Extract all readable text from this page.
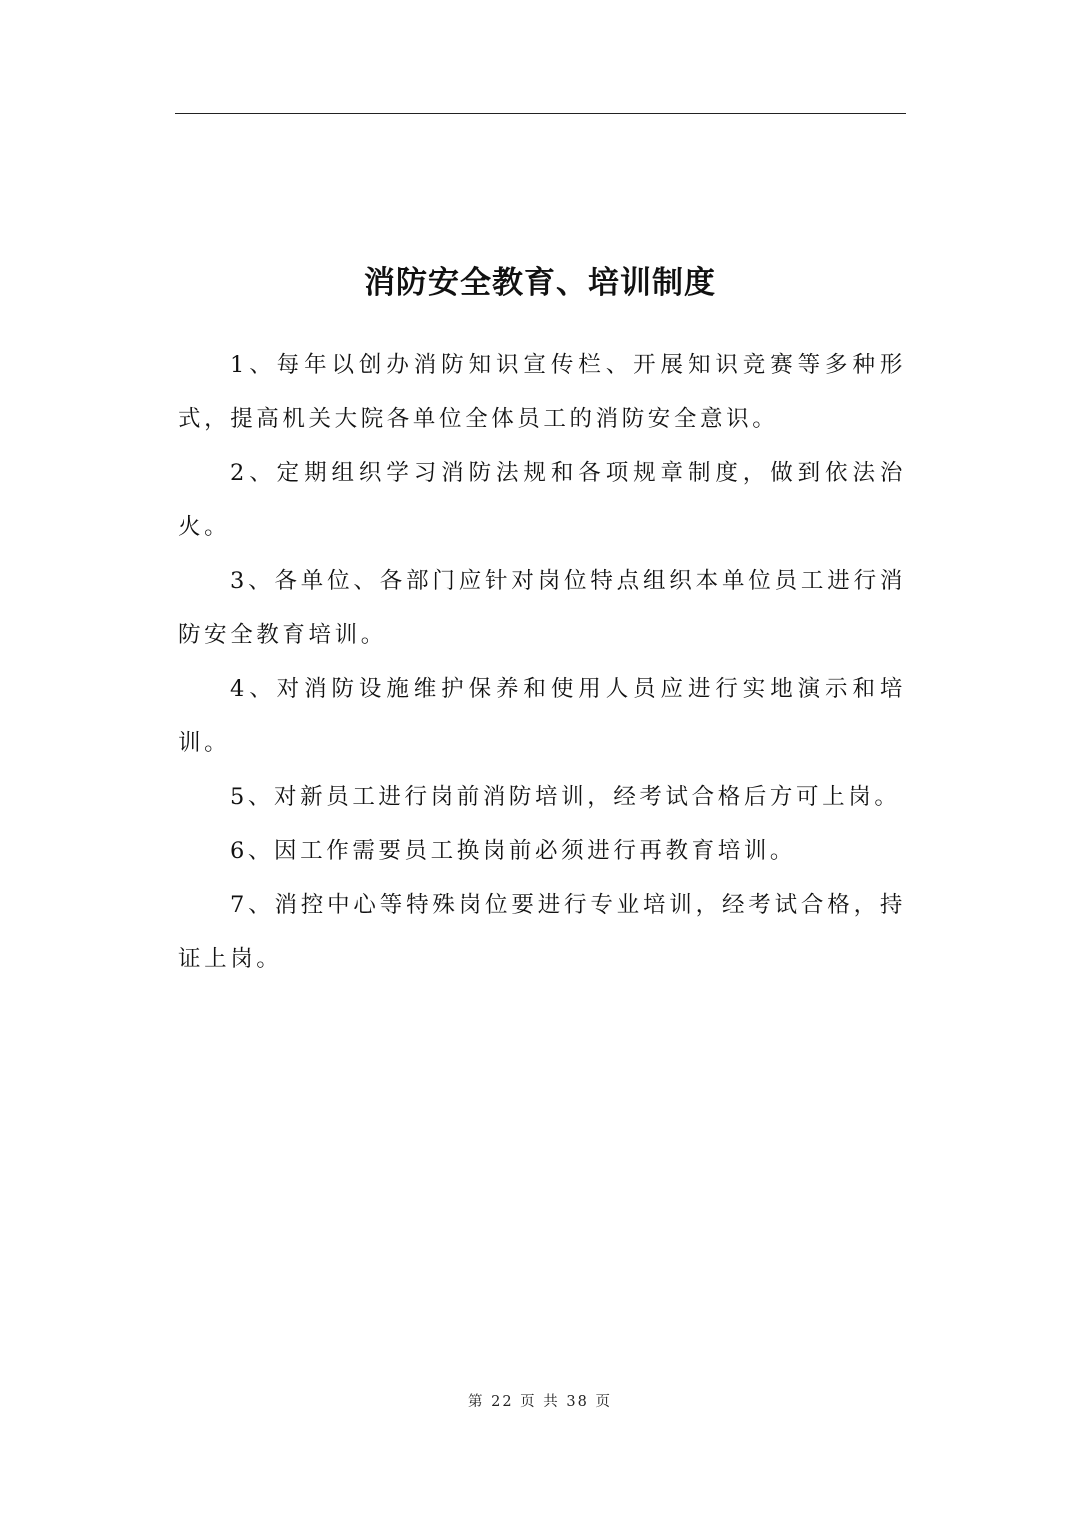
消防安全教育、培训制度

1、每年以创办消防知识宣传栏、开展知识竞赛等多种形式，提高机关大院各单位全体员工的消防安全意识。

2、定期组织学习消防法规和各项规章制度，做到依法治火。

3、各单位、各部门应针对岗位特点组织本单位员工进行消防安全教育培训。

4、对消防设施维护保养和使用人员应进行实地演示和培训。

5、对新员工进行岗前消防培训，经考试合格后方可上岗。

6、因工作需要员工换岗前必须进行再教育培训。

7、消控中心等特殊岗位要进行专业培训，经考试合格，持证上岗。

第 22 页 共 38 页
